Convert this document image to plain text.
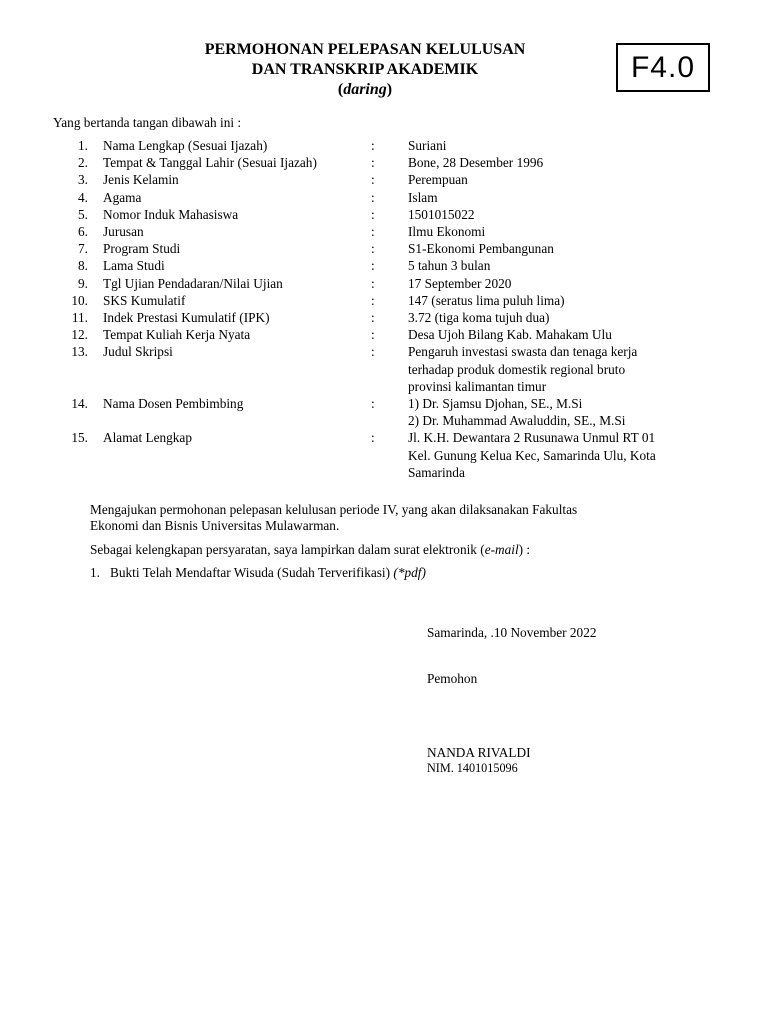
PERMOHONAN PELEPASAN KELULUSAN
DAN TRANSKRIP AKADEMIK
(daring)
F4.0
Yang bertanda tangan dibawah ini :
1. Nama Lengkap (Sesuai Ijazah)	:	Suriani
2. Tempat & Tanggal Lahir (Sesuai Ijazah)	:	Bone, 28 Desember 1996
3. Jenis Kelamin	:	Perempuan
4. Agama	:	Islam
5. Nomor Induk Mahasiswa	:	1501015022
6. Jurusan	:	Ilmu Ekonomi
7. Program Studi	:	S1-Ekonomi Pembangunan
8. Lama Studi	:	5 tahun 3 bulan
9. Tgl Ujian Pendadaran/Nilai Ujian	:	17 September 2020
10. SKS Kumulatif	:	147 (seratus lima puluh lima)
11. Indek Prestasi Kumulatif (IPK)	:	3.72 (tiga koma tujuh dua)
12. Tempat Kuliah Kerja Nyata	:	Desa Ujoh Bilang Kab. Mahakam Ulu
13. Judul Skripsi	:	Pengaruh investasi swasta dan tenaga kerja
terhadap produk domestik regional bruto
provinsi kalimantan timur
14. Nama Dosen Pembimbing	:	1) Dr. Sjamsu Djohan, SE., M.Si
2) Dr. Muhammad Awaluddin, SE., M.Si
15. Alamat Lengkap	:	Jl. K.H. Dewantara 2 Rusunawa Unmul RT 01
Kel. Gunung Kelua Kec, Samarinda Ulu, Kota
Samarinda
Mengajukan permohonan pelepasan kelulusan periode IV, yang akan dilaksanakan Fakultas
Ekonomi dan Bisnis Universitas Mulawarman.
Sebagai kelengkapan persyaratan, saya lampirkan dalam surat elektronik (e-mail) :
1. Bukti Telah Mendaftar Wisuda (Sudah Terverifikasi) (*pdf)
Samarinda, .10 November 2022
Pemohon
NANDA RIVALDI
NIM. 1401015096
